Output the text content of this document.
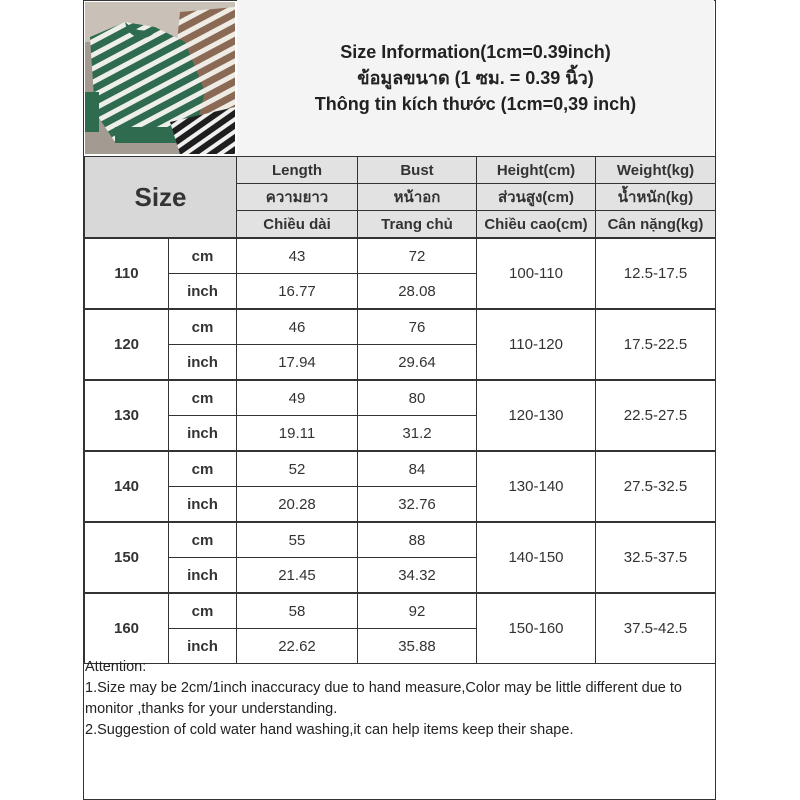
Size Information(1cm=0.39inch)
ข้อมูลขนาด (1 ซม. = 0.39 นิ้ว)
Thông tin kích thước (1cm=0,39 inch)
Size		Length	Bust	Height(cm)	Weight(kg)
		ความยาว	หน้าอก	ส่วนสูง(cm)	น้ำหนัก(kg)
		Chiều dài	Trang chủ	Chiều cao(cm)	Cân nặng(kg)
110	cm	43	72	100-110	12.5-17.5
	inch	16.77	28.08		
120	cm	46	76	110-120	17.5-22.5
	inch	17.94	29.64		
130	cm	49	80	120-130	22.5-27.5
	inch	19.11	31.2		
140	cm	52	84	130-140	27.5-32.5
	inch	20.28	32.76		
150	cm	55	88	140-150	32.5-37.5
	inch	21.45	34.32		
160	cm	58	92	150-160	37.5-42.5
	inch	22.62	35.88		

Attention:

1.Size may be 2cm/1inch inaccuracy due to hand measure,Color may be little different due to monitor ,thanks for your understanding.

2.Suggestion of cold water hand washing,it can help items keep their shape.
